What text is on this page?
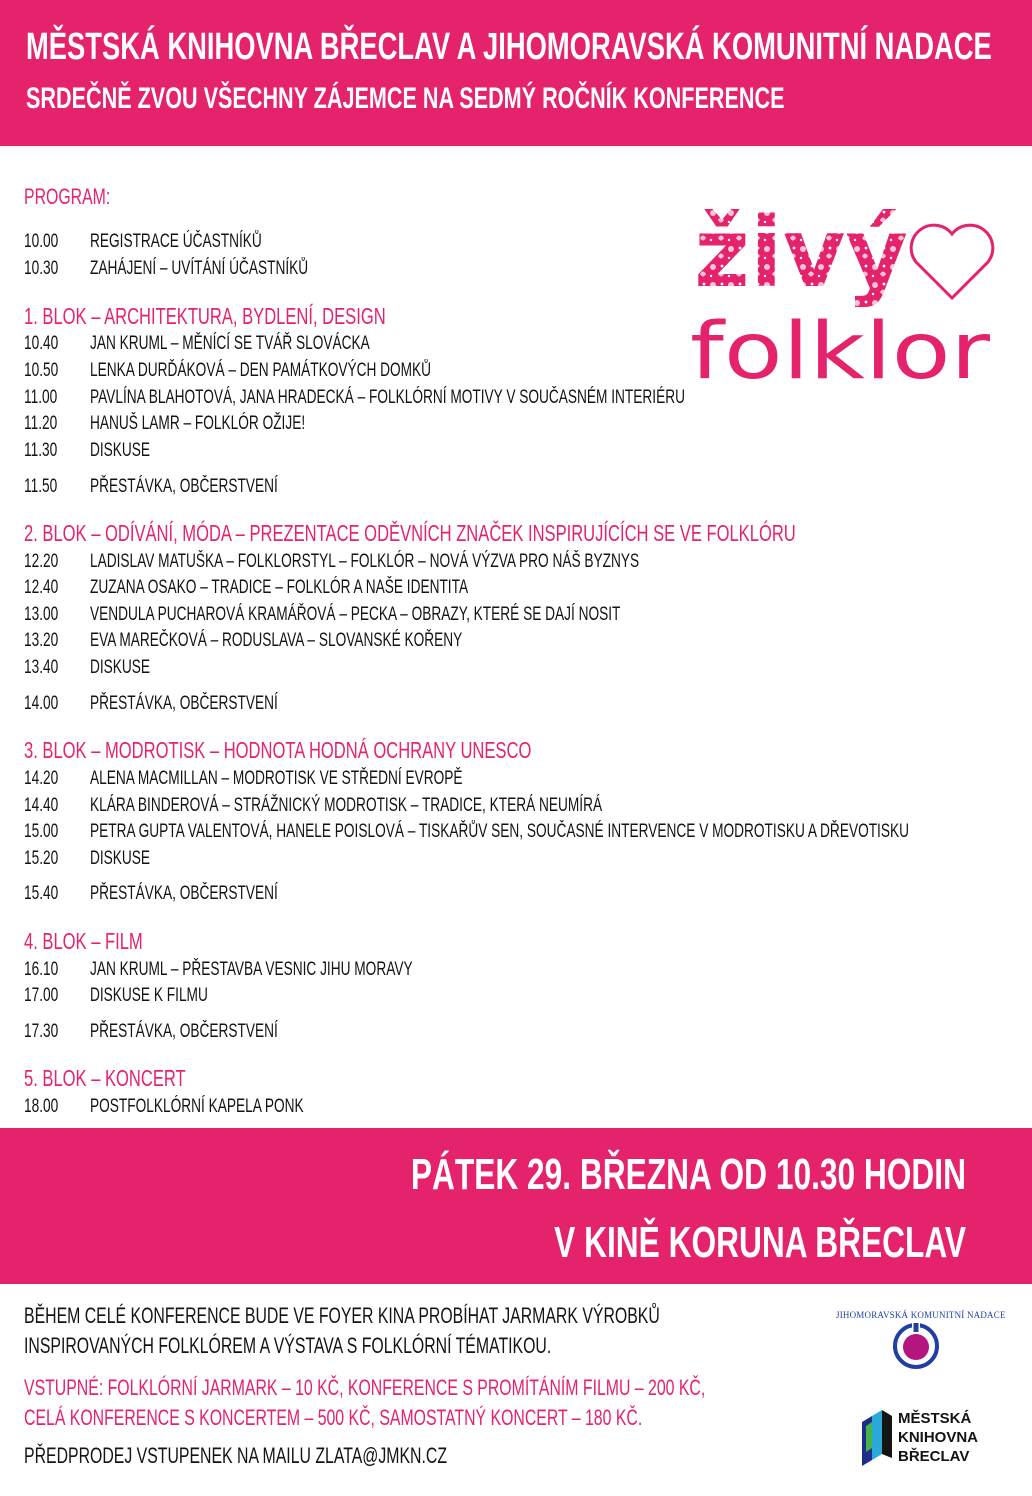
MĚSTSKÁ KNIHOVNA BŘECLAV A JIHOMORAVSKÁ KOMUNITNÍ NADACE
SRDEČNĚ ZVOU VŠECHNY ZÁJEMCE NA SEDMÝ ROČNÍK KONFERENCE
PROGRAM:
10.00 REGISTRACE ÚČASTNÍKŮ
10.30 ZAHÁJENÍ – UVÍTÁNÍ ÚČASTNÍKŮ
1. BLOK – ARCHITEKTURA, BYDLENÍ, DESIGN
10.40 JAN KRUML – MĚNÍCÍ SE TVÁŘ SLOVÁCKA
10.50 LENKA DURĎÁKOVÁ – DEN PAMÁTKOVÝCH DOMKŮ
11.00 PAVLÍNA BLAHOTOVÁ, JANA HRADECKÁ – FOLKLÓRNÍ MOTIVY V SOUČASNÉM INTERIÉRU
11.20 HANUŠ LAMR – FOLKLÓR OŽIJE!
11.30 DISKUSE
11.50 PŘESTÁVKA, OBČERSTVENÍ
2. BLOK – ODÍVÁNÍ, MÓDA – PREZENTACE ODĚVNÍCH ZNAČEK INSPIRUJÍCÍCH SE VE FOLKLÓRU
12.20 LADISLAV MATUŠKA – FOLKLORSTYL – FOLKLÓR – NOVÁ VÝZVA PRO NÁŠ BYZNYS
12.40 ZUZANA OSAKO – TRADICE – FOLKLÓR A NAŠE IDENTITA
13.00 VENDULA PUCHAROVÁ KRAMÁŘOVÁ – PECKA – OBRAZY, KTERÉ SE DAJÍ NOSIT
13.20 EVA MAREČKOVÁ – RODUSLAVA – SLOVANSKÉ KOŘENY
13.40 DISKUSE
14.00 PŘESTÁVKA, OBČERSTVENÍ
3. BLOK – MODROTISK – HODNOTA HODNÁ OCHRANY UNESCO
14.20 ALENA MACMILLAN – MODROTISK VE STŘEDNÍ EVROPĚ
14.40 KLÁRA BINDEROVÁ – STRÁŽNICKÝ MODROTISK – TRADICE, KTERÁ NEUMÍRÁ
15.00 PETRA GUPTA VALENTOVÁ, HANELE POISLOVÁ – TISKAŘŮV SEN, SOUČASNÉ INTERVENCE V MODROTISKU A DŘEVOTISKU
15.20 DISKUSE
15.40 PŘESTÁVKA, OBČERSTVENÍ
4. BLOK – FILM
16.10 JAN KRUML – PŘESTAVBA VESNIC JIHU MORAVY
17.00 DISKUSE K FILMU
17.30 PŘESTÁVKA, OBČERSTVENÍ
5. BLOK – KONCERT
18.00 POSTFOLKLÓRNÍ KAPELA PONK
živý
folklor
PÁTEK 29. BŘEZNA OD 10.30 HODIN
V KINĚ KORUNA BŘECLAV
BĚHEM CELÉ KONFERENCE BUDE VE FOYER KINA PROBÍHAT JARMARK VÝROBKŮ
INSPIROVANÝCH FOLKLÓREM A VÝSTAVA S FOLKLÓRNÍ TÉMATIKOU.
VSTUPNÉ: FOLKLÓRNÍ JARMARK – 10 KČ, KONFERENCE S PROMÍTÁNÍM FILMU – 200 KČ,
CELÁ KONFERENCE S KONCERTEM – 500 KČ, SAMOSTATNÝ KONCERT – 180 KČ.
PŘEDPRODEJ VSTUPENEK NA MAILU ZLATA@JMKN.CZ
JIHOMORAVSKÁ KOMUNITNÍ NADACE
MĚSTSKÁ
KNIHOVNA
BŘECLAV
